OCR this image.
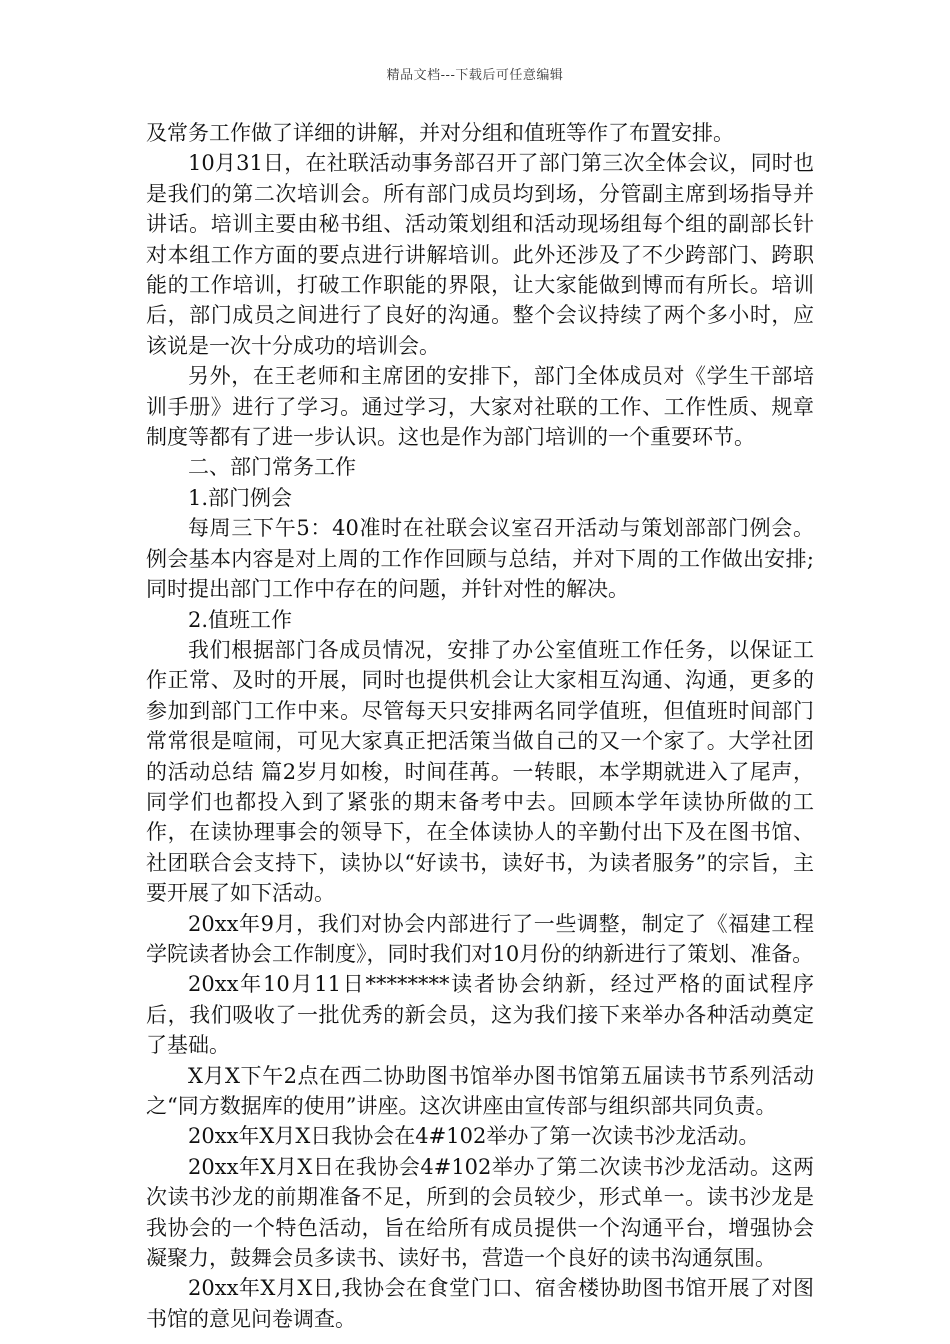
精品文档---下载后可任意编辑

及常务工作做了详细的讲解，并对分组和值班等作了布置安排。

10月31日，在社联活动事务部召开了部门第三次全体会议，同时也是我们的第二次培训会。所有部门成员均到场，分管副主席到场指导并讲话。培训主要由秘书组、活动策划组和活动现场组每个组的副部长针对本组工作方面的要点进行讲解培训。此外还涉及了不少跨部门、跨职能的工作培训，打破工作职能的界限，让大家能做到博而有所长。培训后，部门成员之间进行了良好的沟通。整个会议持续了两个多小时，应该说是一次十分成功的培训会。

另外，在王老师和主席团的安排下，部门全体成员对《学生干部培训手册》进行了学习。通过学习，大家对社联的工作、工作性质、规章制度等都有了进一步认识。这也是作为部门培训的一个重要环节。

二、部门常务工作

1.部门例会

每周三下午5：40准时在社联会议室召开活动与策划部部门例会。例会基本内容是对上周的工作作回顾与总结，并对下周的工作做出安排;同时提出部门工作中存在的问题，并针对性的解决。

2.值班工作

我们根据部门各成员情况，安排了办公室值班工作任务，以保证工作正常、及时的开展，同时也提供机会让大家相互沟通、沟通，更多的参加到部门工作中来。尽管每天只安排两名同学值班，但值班时间部门常常很是喧闹，可见大家真正把活策当做自己的又一个家了。大学社团的活动总结 篇2岁月如梭，时间荏苒。一转眼，本学期就进入了尾声，同学们也都投入到了紧张的期末备考中去。回顾本学年读协所做的工作，在读协理事会的领导下，在全体读协人的辛勤付出下及在图书馆、社团联合会支持下，读协以“好读书，读好书，为读者服务”的宗旨，主要开展了如下活动。

20xx年9月，我们对协会内部进行了一些调整，制定了《福建工程学院读者协会工作制度》，同时我们对10月份的纳新进行了策划、准备。

20xx年10月11日********读者协会纳新，经过严格的面试程序后，我们吸收了一批优秀的新会员，这为我们接下来举办各种活动奠定了基础。

X月X下午2点在西二协助图书馆举办图书馆第五届读书节系列活动之“同方数据库的使用”讲座。这次讲座由宣传部与组织部共同负责。

20xx年X月X日我协会在4#102举办了第一次读书沙龙活动。

20xx年X月X日在我协会4#102举办了第二次读书沙龙活动。这两次读书沙龙的前期准备不足，所到的会员较少，形式单一。读书沙龙是我协会的一个特色活动，旨在给所有成员提供一个沟通平台，增强协会凝聚力，鼓舞会员多读书、读好书，营造一个良好的读书沟通氛围。

20xx年X月X日,我协会在食堂门口、宿舍楼协助图书馆开展了对图书馆的意见问卷调查。
